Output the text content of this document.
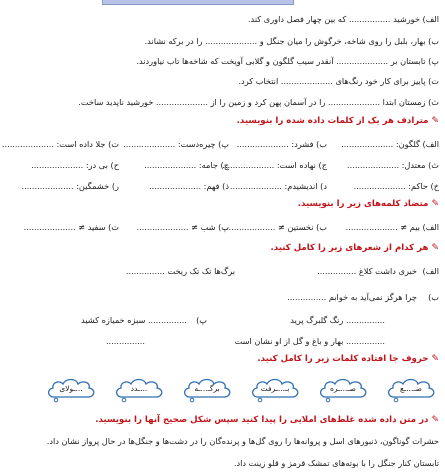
الف) خورشید ................ که بین چهار فصل داوری کند.
ب) بهار، بلبل را روی شاخه، خرگوش را میان جنگل و .................... را در برکه نشاند.
پ) تابستان بر .................... آنقدر سیب گلگون و گلابی آویخت که شاخه‌ها تاب نیاوردند.
ت) پاییز برای کار خود رنگ‌های .................... انتخاب کرد.
ث) زمستان ابتدا .................... را در آسمان پهن کرد و زمین را از .................... خورشید ناپدید ساخت.
✎مترادف هر یک از کلمات داده شده را بنویسید.
الف) گلگون: ....................
ب) فشرد: ....................
پ) چیره‌دست: ....................
ت) جلا داده است: ....................
ث) معتدل: ....................
ج) نهاده است: ....................
چ) جامه: ....................
ح) بی در: ....................
خ) حاکم: ....................
د) اندیشیدم: ....................
ذ) فهم: ....................
ر) خشمگین: ....................
✎متضاد کلمه‌های زیر را بنویسید.
الف) بیم ≠ ....................
ب) نخستین ≠ ....................
پ) شب ≠ ....................
ت) سفید ≠ ....................
✎هر کدام از شعرهای زیر را کامل کنید.
الف)
خبری داشت کلاغ ...............
برگ‌ها تک تک ریخت ...............
ب)
چرا هرگز نمی‌آید به خوابم ...............
پ)	............... رنگ گلبرگ پرید
............... سبزه خمیازه کشید
............... بهار و باغ و گل از او نشان است
...............
✎حروف جا افتاده کلمات زیر را کامل کنید.
ضـ...ـع
صـ...ـره
بـ...ـرفت
برگـ...ـه
...ـدد
...ـولای
✎در متن داده شده غلط‌های املایی را پیدا کنید سپس شکل صحیح آنها را بنویسید.
حشرات گوناگون، ذنبورهای اسل و پروانه‌ها را روی گل‌ها و پرنده‌گان را در دشت‌ها و جنگل‌ها در حال پرواز نشان داد.
تابستان کنار جنگل را با بوته‌های تمشک قرمز و قلو زینت داد.
